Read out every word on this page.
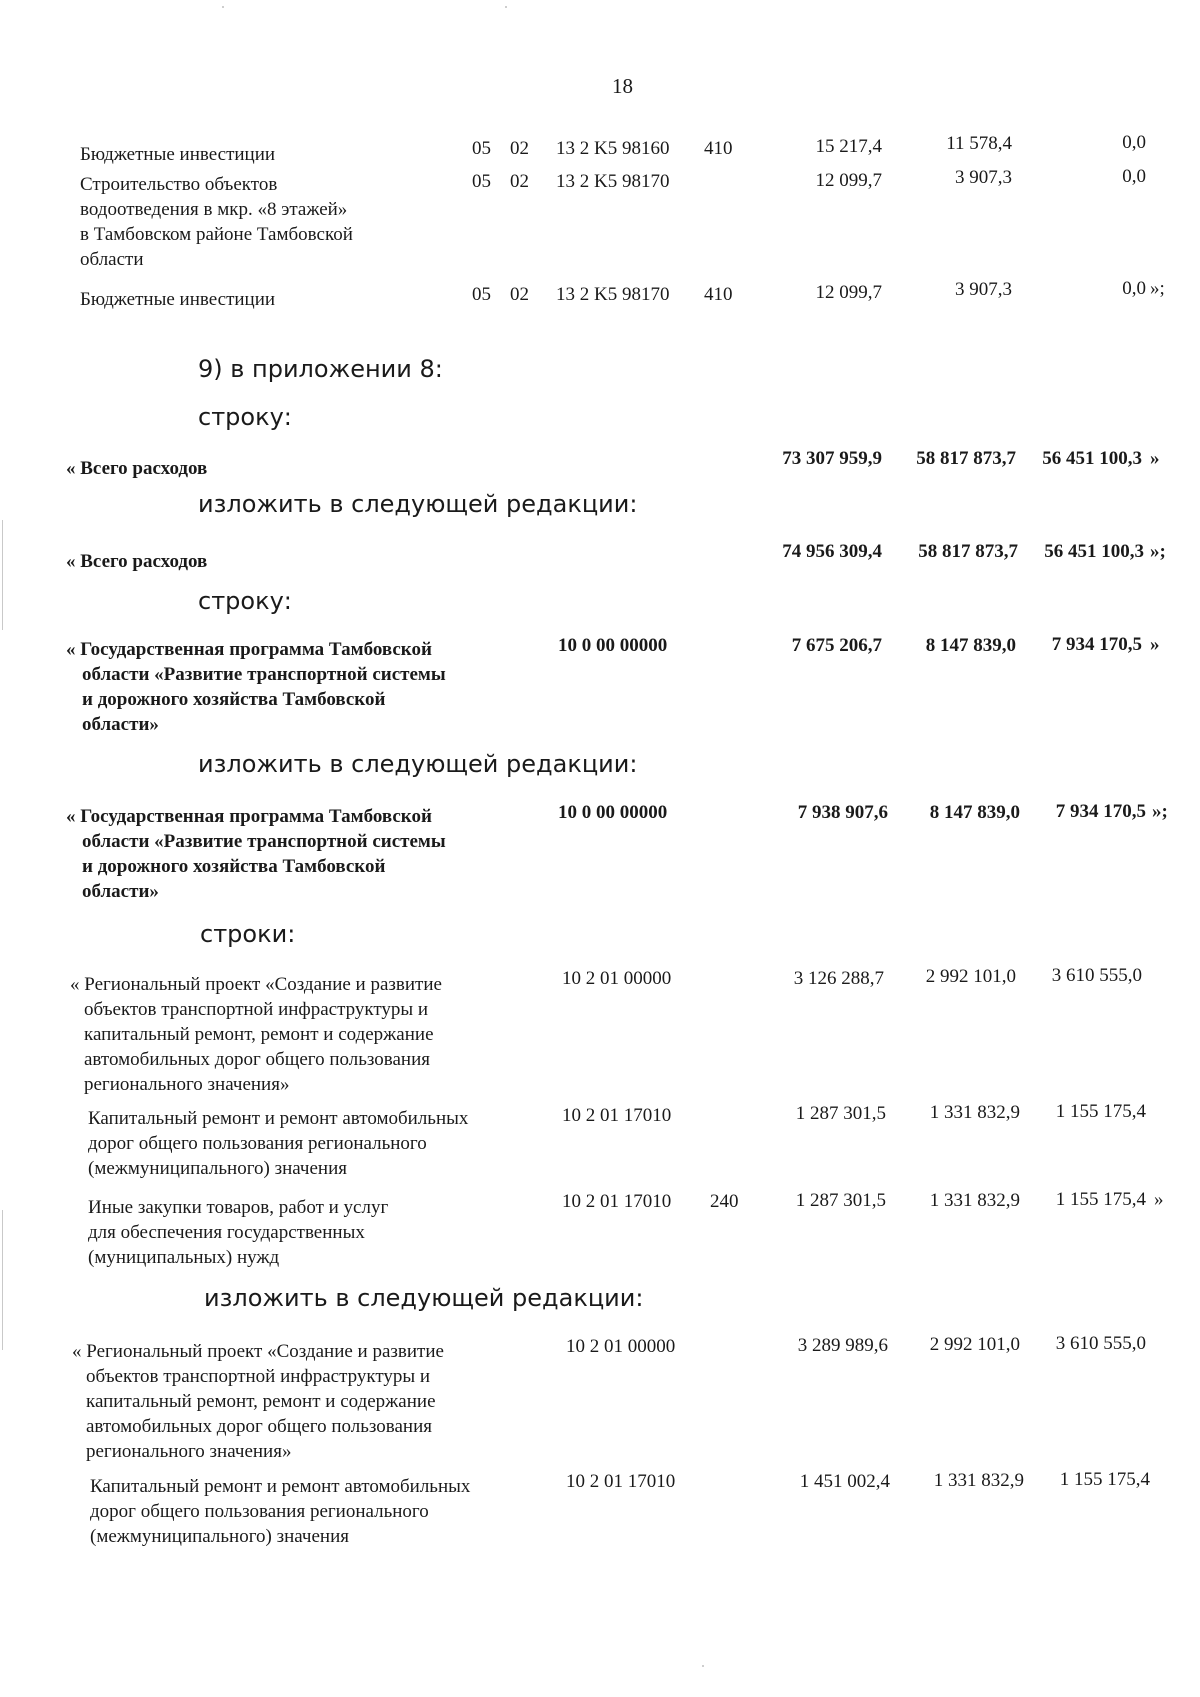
18
Бюджетные инвестиции	05 02 13 2 K5 98160 410	15 217,4	11 578,4	0,0
Строительство объектов
водоотведения в мкр. «8 этажей»
в Тамбовском районе Тамбовской
области
05 02 13 2 K5 98170	12 099,7	3 907,3	0,0
Бюджетные инвестиции	05 02 13 2 K5 98170 410	12 099,7	3 907,3	0,0 »;
9) в приложении 8:
строку:
« Всего расходов	73 307 959,9	58 817 873,7	56 451 100,3 »
изложить в следующей редакции:
« Всего расходов	74 956 309,4	58 817 873,7	56 451 100,3 »;
строку:
« Государственная программа Тамбовской
области «Развитие транспортной системы
и дорожного хозяйства Тамбовской
области»
10 0 00 00000	7 675 206,7	8 147 839,0	7 934 170,5 »
изложить в следующей редакции:
« Государственная программа Тамбовской
области «Развитие транспортной системы
и дорожного хозяйства Тамбовской
области»
10 0 00 00000	7 938 907,6	8 147 839,0	7 934 170,5 »;
строки:
« Региональный проект «Создание и развитие
объектов транспортной инфраструктуры и
капитальный ремонт, ремонт и содержание
автомобильных дорог общего пользования
регионального значения»
10 2 01 00000	3 126 288,7	2 992 101,0	3 610 555,0
Капитальный ремонт и ремонт автомобильных
дорог общего пользования регионального
(межмуниципального) значения
10 2 01 17010	1 287 301,5	1 331 832,9	1 155 175,4
Иные закупки товаров, работ и услуг
для обеспечения государственных
(муниципальных) нужд
10 2 01 17010 240	1 287 301,5	1 331 832,9	1 155 175,4 »
изложить в следующей редакции:
« Региональный проект «Создание и развитие
объектов транспортной инфраструктуры и
капитальный ремонт, ремонт и содержание
автомобильных дорог общего пользования
регионального значения»
10 2 01 00000	3 289 989,6	2 992 101,0	3 610 555,0
Капитальный ремонт и ремонт автомобильных
дорог общего пользования регионального
(межмуниципального) значения
10 2 01 17010	1 451 002,4	1 331 832,9	1 155 175,4
